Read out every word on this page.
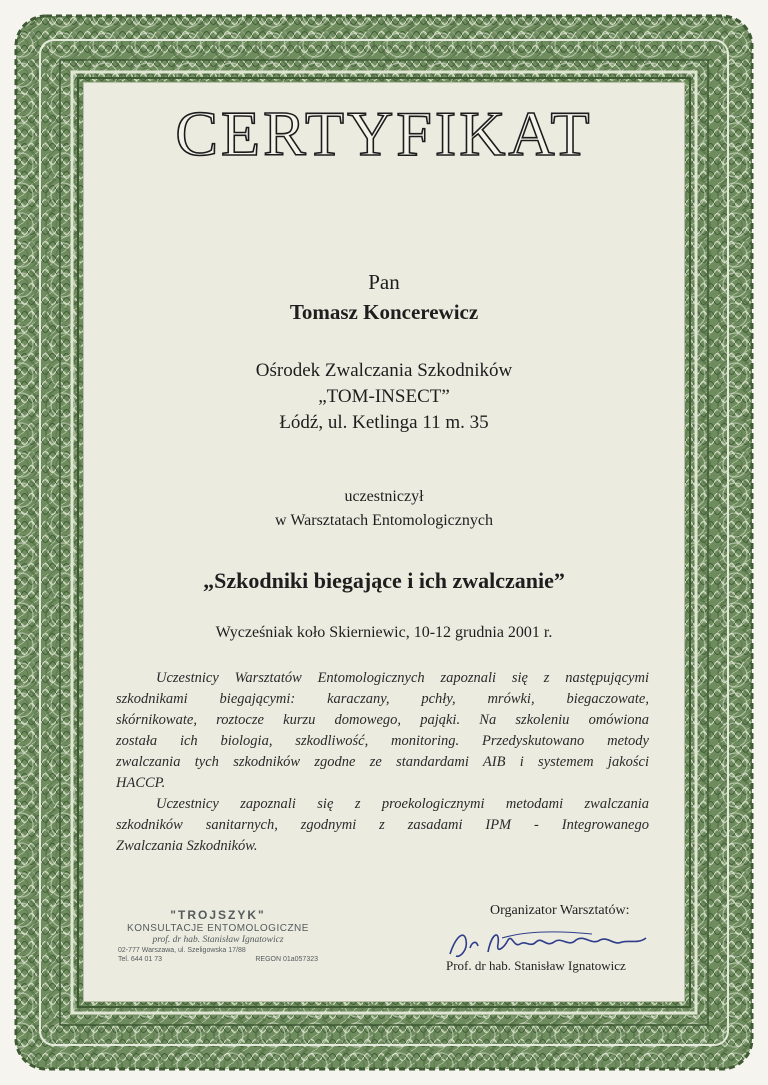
CERTYFIKAT
Pan
Tomasz Koncerewicz
Ośrodek Zwalczania Szkodników
„TOM-INSECT”
Łódź, ul. Ketlinga 11 m. 35
uczestniczył
w Warsztatach Entomologicznych
„Szkodniki biegające i ich zwalczanie”
Wycześniak koło Skierniewic, 10-12 grudnia 2001 r.
Uczestnicy Warsztatów Entomologicznych zapoznali się z następującymi
szkodnikami biegającymi: karaczany, pchły, mrówki, biegaczowate,
skórnikowate, roztocze kurzu domowego, pająki. Na szkoleniu omówiona
została ich biologia, szkodliwość, monitoring. Przedyskutowano metody
zwalczania tych szkodników zgodne ze standardami AIB i systemem jakości
HACCP.
Uczestnicy zapoznali się z proekologicznymi metodami zwalczania
szkodników sanitarnych, zgodnymi z zasadami IPM - Integrowanego
Zwalczania Szkodników.
"TROJSZYK"
KONSULTACJE ENTOMOLOGICZNE
prof. dr hab. Stanisław Ignatowicz
02-777 Warszawa, ul. Szeligowska 17/88
Tel. 644 01 73	REGON 01a057323
Organizator Warsztatów:
Prof. dr hab. Stanisław Ignatowicz
